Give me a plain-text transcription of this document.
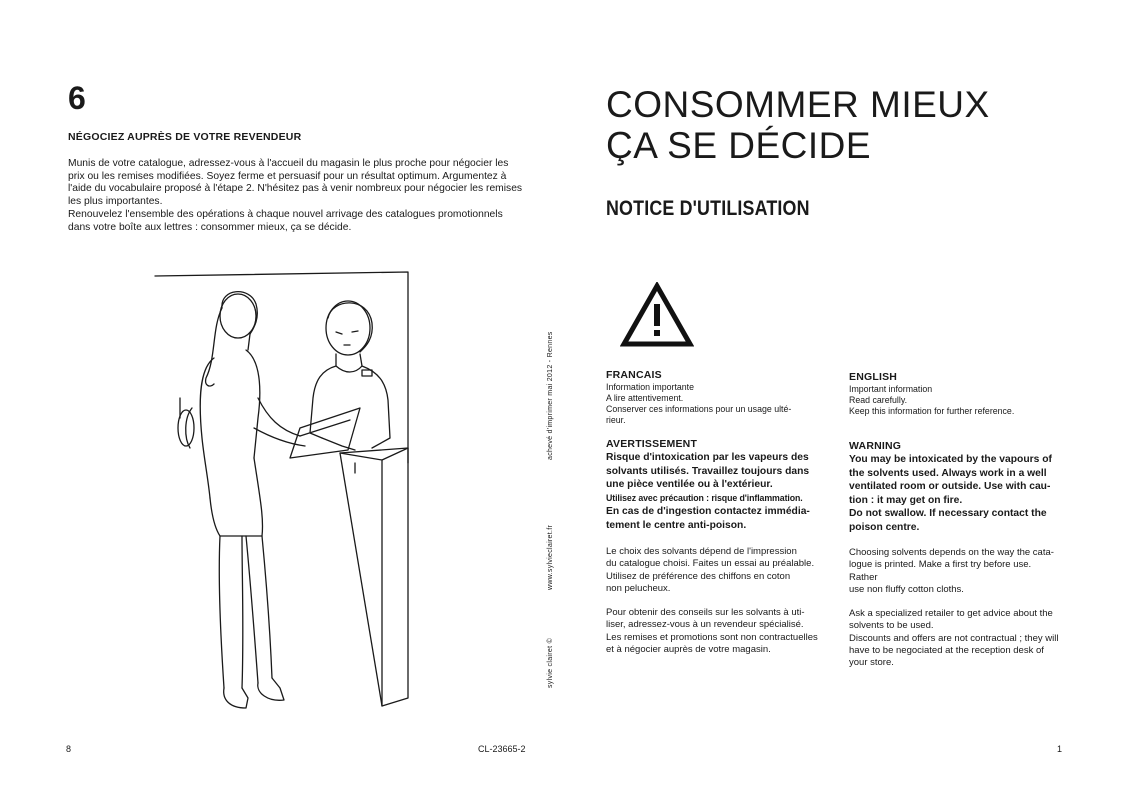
6
NÉGOCIEZ AUPRÈS DE VOTRE REVENDEUR

Munis de votre catalogue, adressez-vous à l'accueil du magasin le plus proche pour négocier les prix ou les remises modifiées. Soyez ferme et persuasif pour un résultat optimum. Argumentez à l'aide du vocabulaire proposé à l'étape 2. N'hésitez pas à venir nombreux pour négocier les remises les plus importantes.

Renouvelez l'ensemble des opérations à chaque nouvel arrivage des catalogues promotionnels dans votre boîte aux lettres : consommer mieux, ça se décide.

achevé d'imprimer mai 2012 - Rennes
www.sylvieclairet.fr
sylvie clairet ©
CONSOMMER MIEUX
ÇA SE DÉCIDE
NOTICE D'UTILISATION
FRANCAIS
Information importante
A lire attentivement.
Conserver ces informations pour un usage ulté-
rieur.
AVERTISSEMENT
Risque d'intoxication par les vapeurs des
solvants utilisés. Travaillez toujours dans
une pièce ventilée ou à l'extérieur.
Utilisez avec précaution : risque d'inflammation.
En cas de d'ingestion contactez immédia-
tement le centre anti-poison.
Le choix des solvants dépend de l'impression
du catalogue choisi. Faites un essai au préalable.
Utilisez de préférence des chiffons en coton
non pelucheux.
Pour obtenir des conseils sur les solvants à uti-
liser, adressez-vous à un revendeur spécialisé.
Les remises et promotions sont non contractuelles
et à négocier auprès de votre magasin.
ENGLISH
Important information
Read carefully.
Keep this information for further reference.
WARNING
You may be intoxicated by the vapours of
the solvents used. Always work in a well
ventilated room or outside. Use with cau-
tion : it may get on fire.
Do not swallow. If necessary contact the
poison centre.
Choosing solvents depends on the way the cata-
logue is printed. Make a first try before use. Rather
use non fluffy cotton cloths.
Ask a specialized retailer to get advice about the
solvents to be used.
Discounts and offers are not contractual ; they will
have to be negociated at the reception desk of
your store.
8	CL-23665-2	1
